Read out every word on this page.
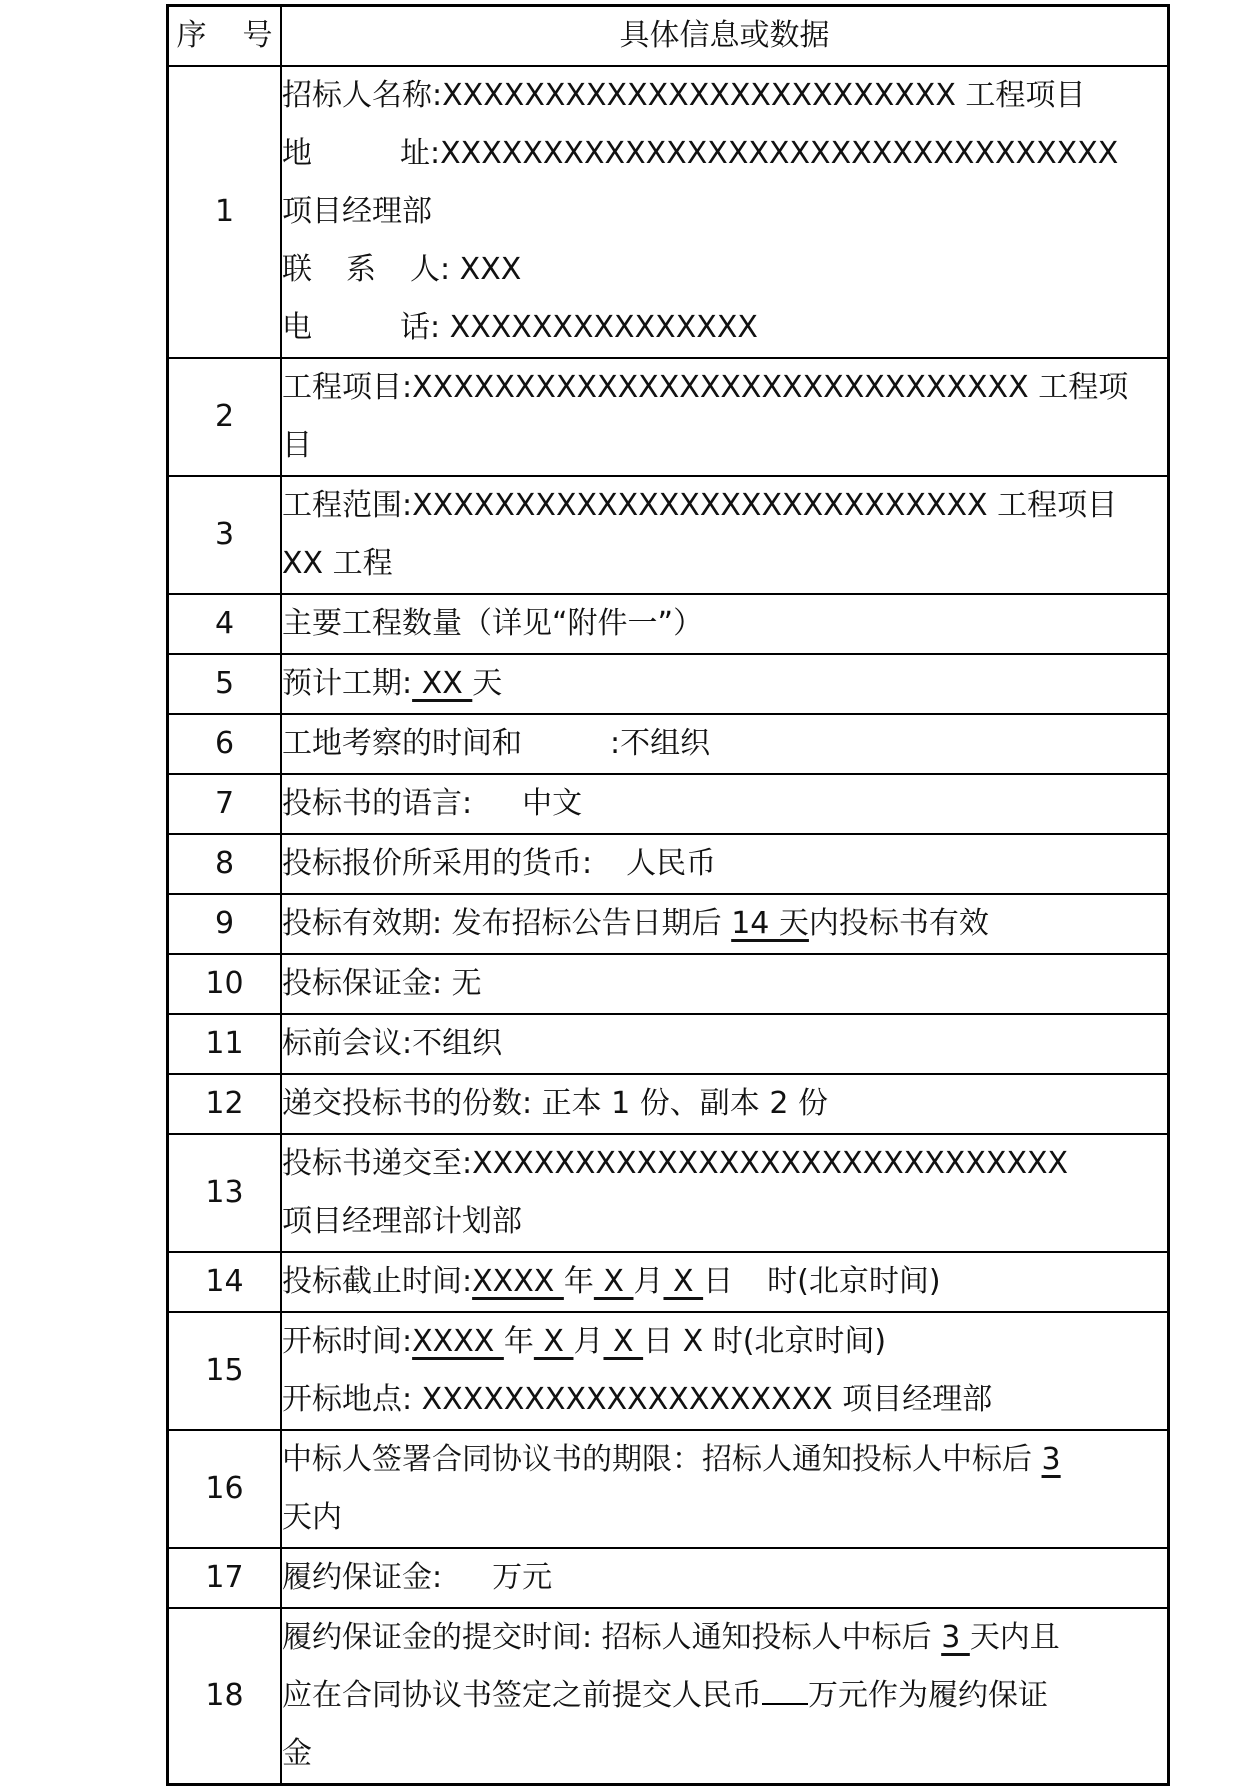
序 号	具体信息或数据
1	招标人名称:XXXXXXXXXXXXXXXXXXXXXXXXX 工程项目
地 址:XXXXXXXXXXXXXXXXXXXXXXXXXXXXXXXXX
项目经理部
联 系 人: XXX
电 话: XXXXXXXXXXXXXXX

2	工程项目:XXXXXXXXXXXXXXXXXXXXXXXXXXXXXX 工程项
目

3	工程范围:XXXXXXXXXXXXXXXXXXXXXXXXXXXX 工程项目
XX 工程

4	主要工程数量（详见“附件一”）
5	预计工期: XX 天
6	工地考察的时间和 :不组织
7	投标书的语言: 中文
8	投标报价所采用的货币: 人民币
9	投标有效期: 发布招标公告日期后 14 天内投标书有效
10	投标保证金: 无
11	标前会议:不组织
12	递交投标书的份数: 正本 1 份、副本 2 份
13	投标书递交至:XXXXXXXXXXXXXXXXXXXXXXXXXXXXX
项目经理部计划部

14	投标截止时间:XXXX 年 X 月 X 日 时(北京时间)
15	开标时间:XXXX 年 X 月 X 日 X 时(北京时间)
开标地点: XXXXXXXXXXXXXXXXXXXX 项目经理部

16	中标人签署合同协议书的期限：招标人通知投标人中标后 3
天内

17	履约保证金: 万元
18	履约保证金的提交时间: 招标人通知投标人中标后 3 天内且
应在合同协议书签定之前提交人民币 万元作为履约保证
金
